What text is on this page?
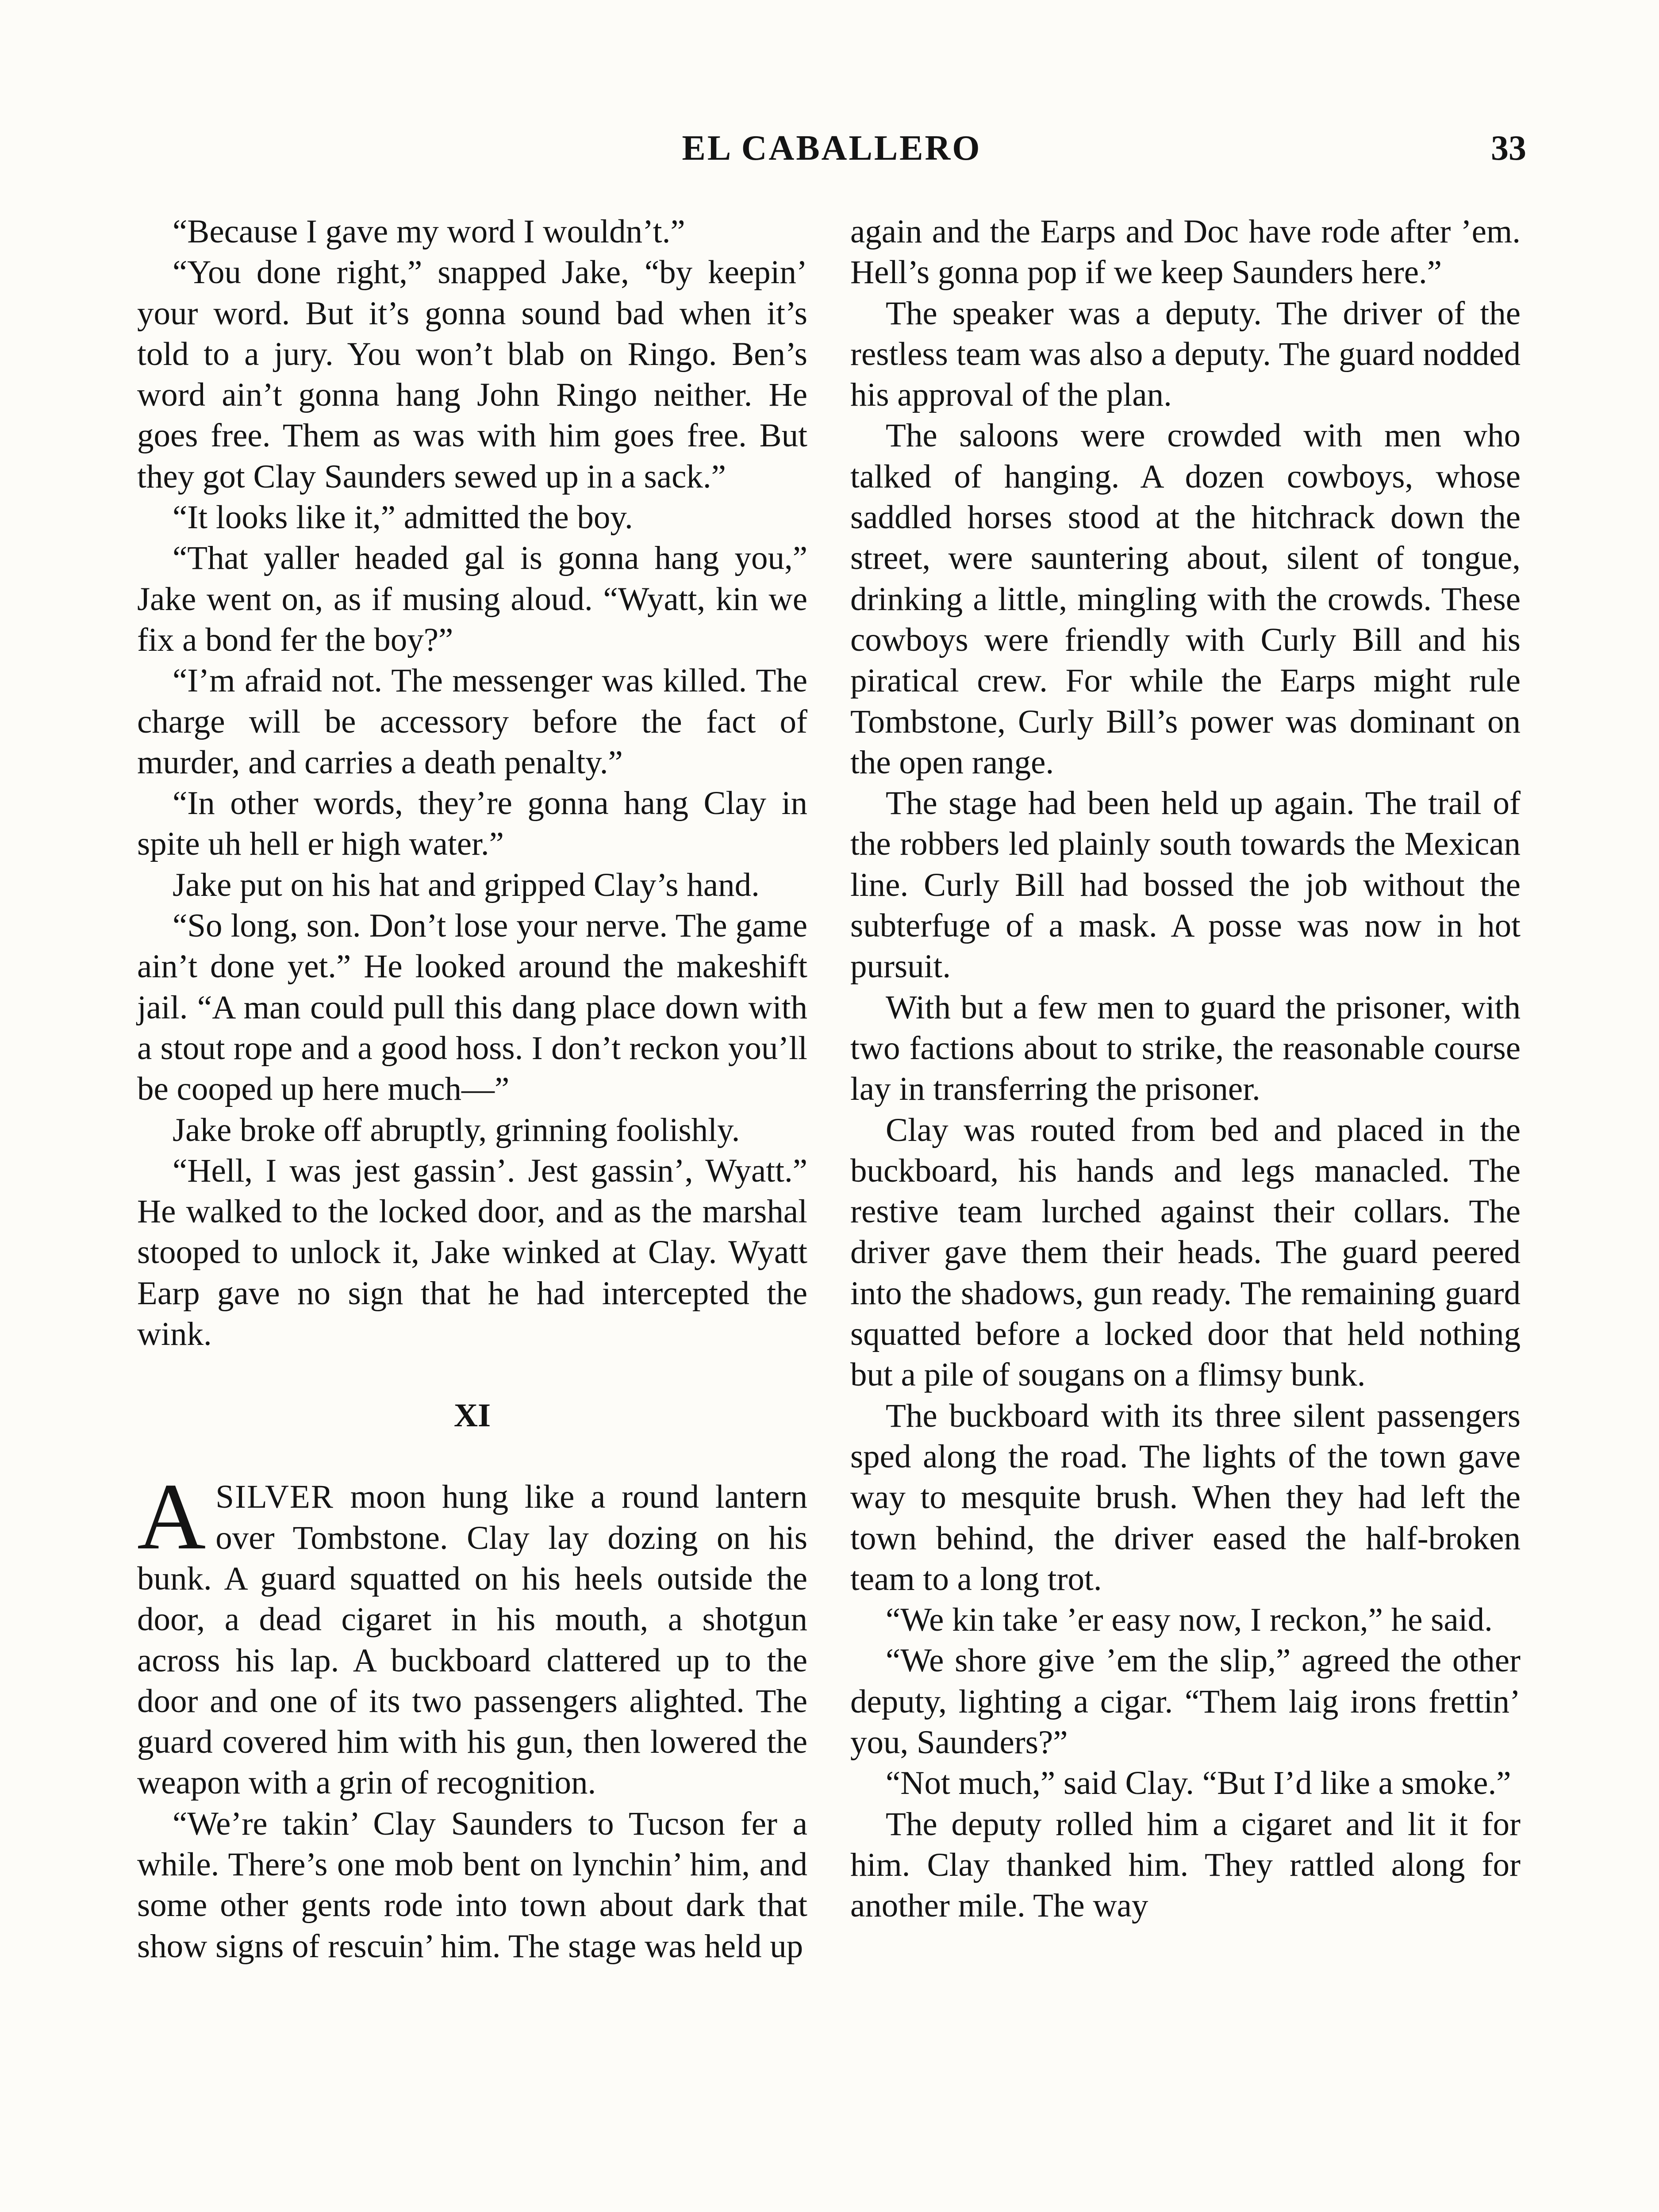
EL CABALLERO	33

“Because I gave my word I wouldn’t.”

“You done right,” snapped Jake, “by keepin’ your word. But it’s gonna sound bad when it’s told to a jury. You won’t blab on Ringo. Ben’s word ain’t gonna hang John Ringo neither. He goes free. Them as was with him goes free. But they got Clay Saunders sewed up in a sack.”

“It looks like it,” admitted the boy.

“That yaller headed gal is gonna hang you,” Jake went on, as if musing aloud. “Wyatt, kin we fix a bond fer the boy?”

“I’m afraid not. The messenger was killed. The charge will be accessory before the fact of murder, and carries a death penalty.”

“In other words, they’re gonna hang Clay in spite uh hell er high water.”

Jake put on his hat and gripped Clay’s hand.

“So long, son. Don’t lose your nerve. The game ain’t done yet.” He looked around the makeshift jail. “A man could pull this dang place down with a stout rope and a good hoss. I don’t reckon you’ll be cooped up here much—”

Jake broke off abruptly, grinning foolishly.

“Hell, I was jest gassin’. Jest gassin’, Wyatt.” He walked to the locked door, and as the marshal stooped to unlock it, Jake winked at Clay. Wyatt Earp gave no sign that he had intercepted the wink.

XI

ASILVER moon hung like a round lantern over Tombstone. Clay lay dozing on his bunk. A guard squatted on his heels outside the door, a dead cigaret in his mouth, a shotgun across his lap. A buckboard clattered up to the door and one of its two passengers alighted. The guard covered him with his gun, then lowered the weapon with a grin of recognition.

“We’re takin’ Clay Saunders to Tucson fer a while. There’s one mob bent on lynchin’ him, and some other gents rode into town about dark that show signs of rescuin’ him. The stage was held up

again and the Earps and Doc have rode after ’em. Hell’s gonna pop if we keep Saunders here.”

The speaker was a deputy. The driver of the restless team was also a deputy. The guard nodded his approval of the plan.

The saloons were crowded with men who talked of hanging. A dozen cowboys, whose saddled horses stood at the hitchrack down the street, were sauntering about, silent of tongue, drinking a little, mingling with the crowds. These cowboys were friendly with Curly Bill and his piratical crew. For while the Earps might rule Tombstone, Curly Bill’s power was dominant on the open range.

The stage had been held up again. The trail of the robbers led plainly south towards the Mexican line. Curly Bill had bossed the job without the subterfuge of a mask. A posse was now in hot pursuit.

With but a few men to guard the prisoner, with two factions about to strike, the reasonable course lay in transferring the prisoner.

Clay was routed from bed and placed in the buckboard, his hands and legs manacled. The restive team lurched against their collars. The driver gave them their heads. The guard peered into the shadows, gun ready. The remaining guard squatted before a locked door that held nothing but a pile of sougans on a flimsy bunk.

The buckboard with its three silent passengers sped along the road. The lights of the town gave way to mesquite brush. When they had left the town behind, the driver eased the half-broken team to a long trot.

“We kin take ’er easy now, I reckon,” he said.

“We shore give ’em the slip,” agreed the other deputy, lighting a cigar. “Them laig irons frettin’ you, Saunders?”

“Not much,” said Clay. “But I’d like a smoke.”

The deputy rolled him a cigaret and lit it for him. Clay thanked him. They rattled along for another mile. The way
